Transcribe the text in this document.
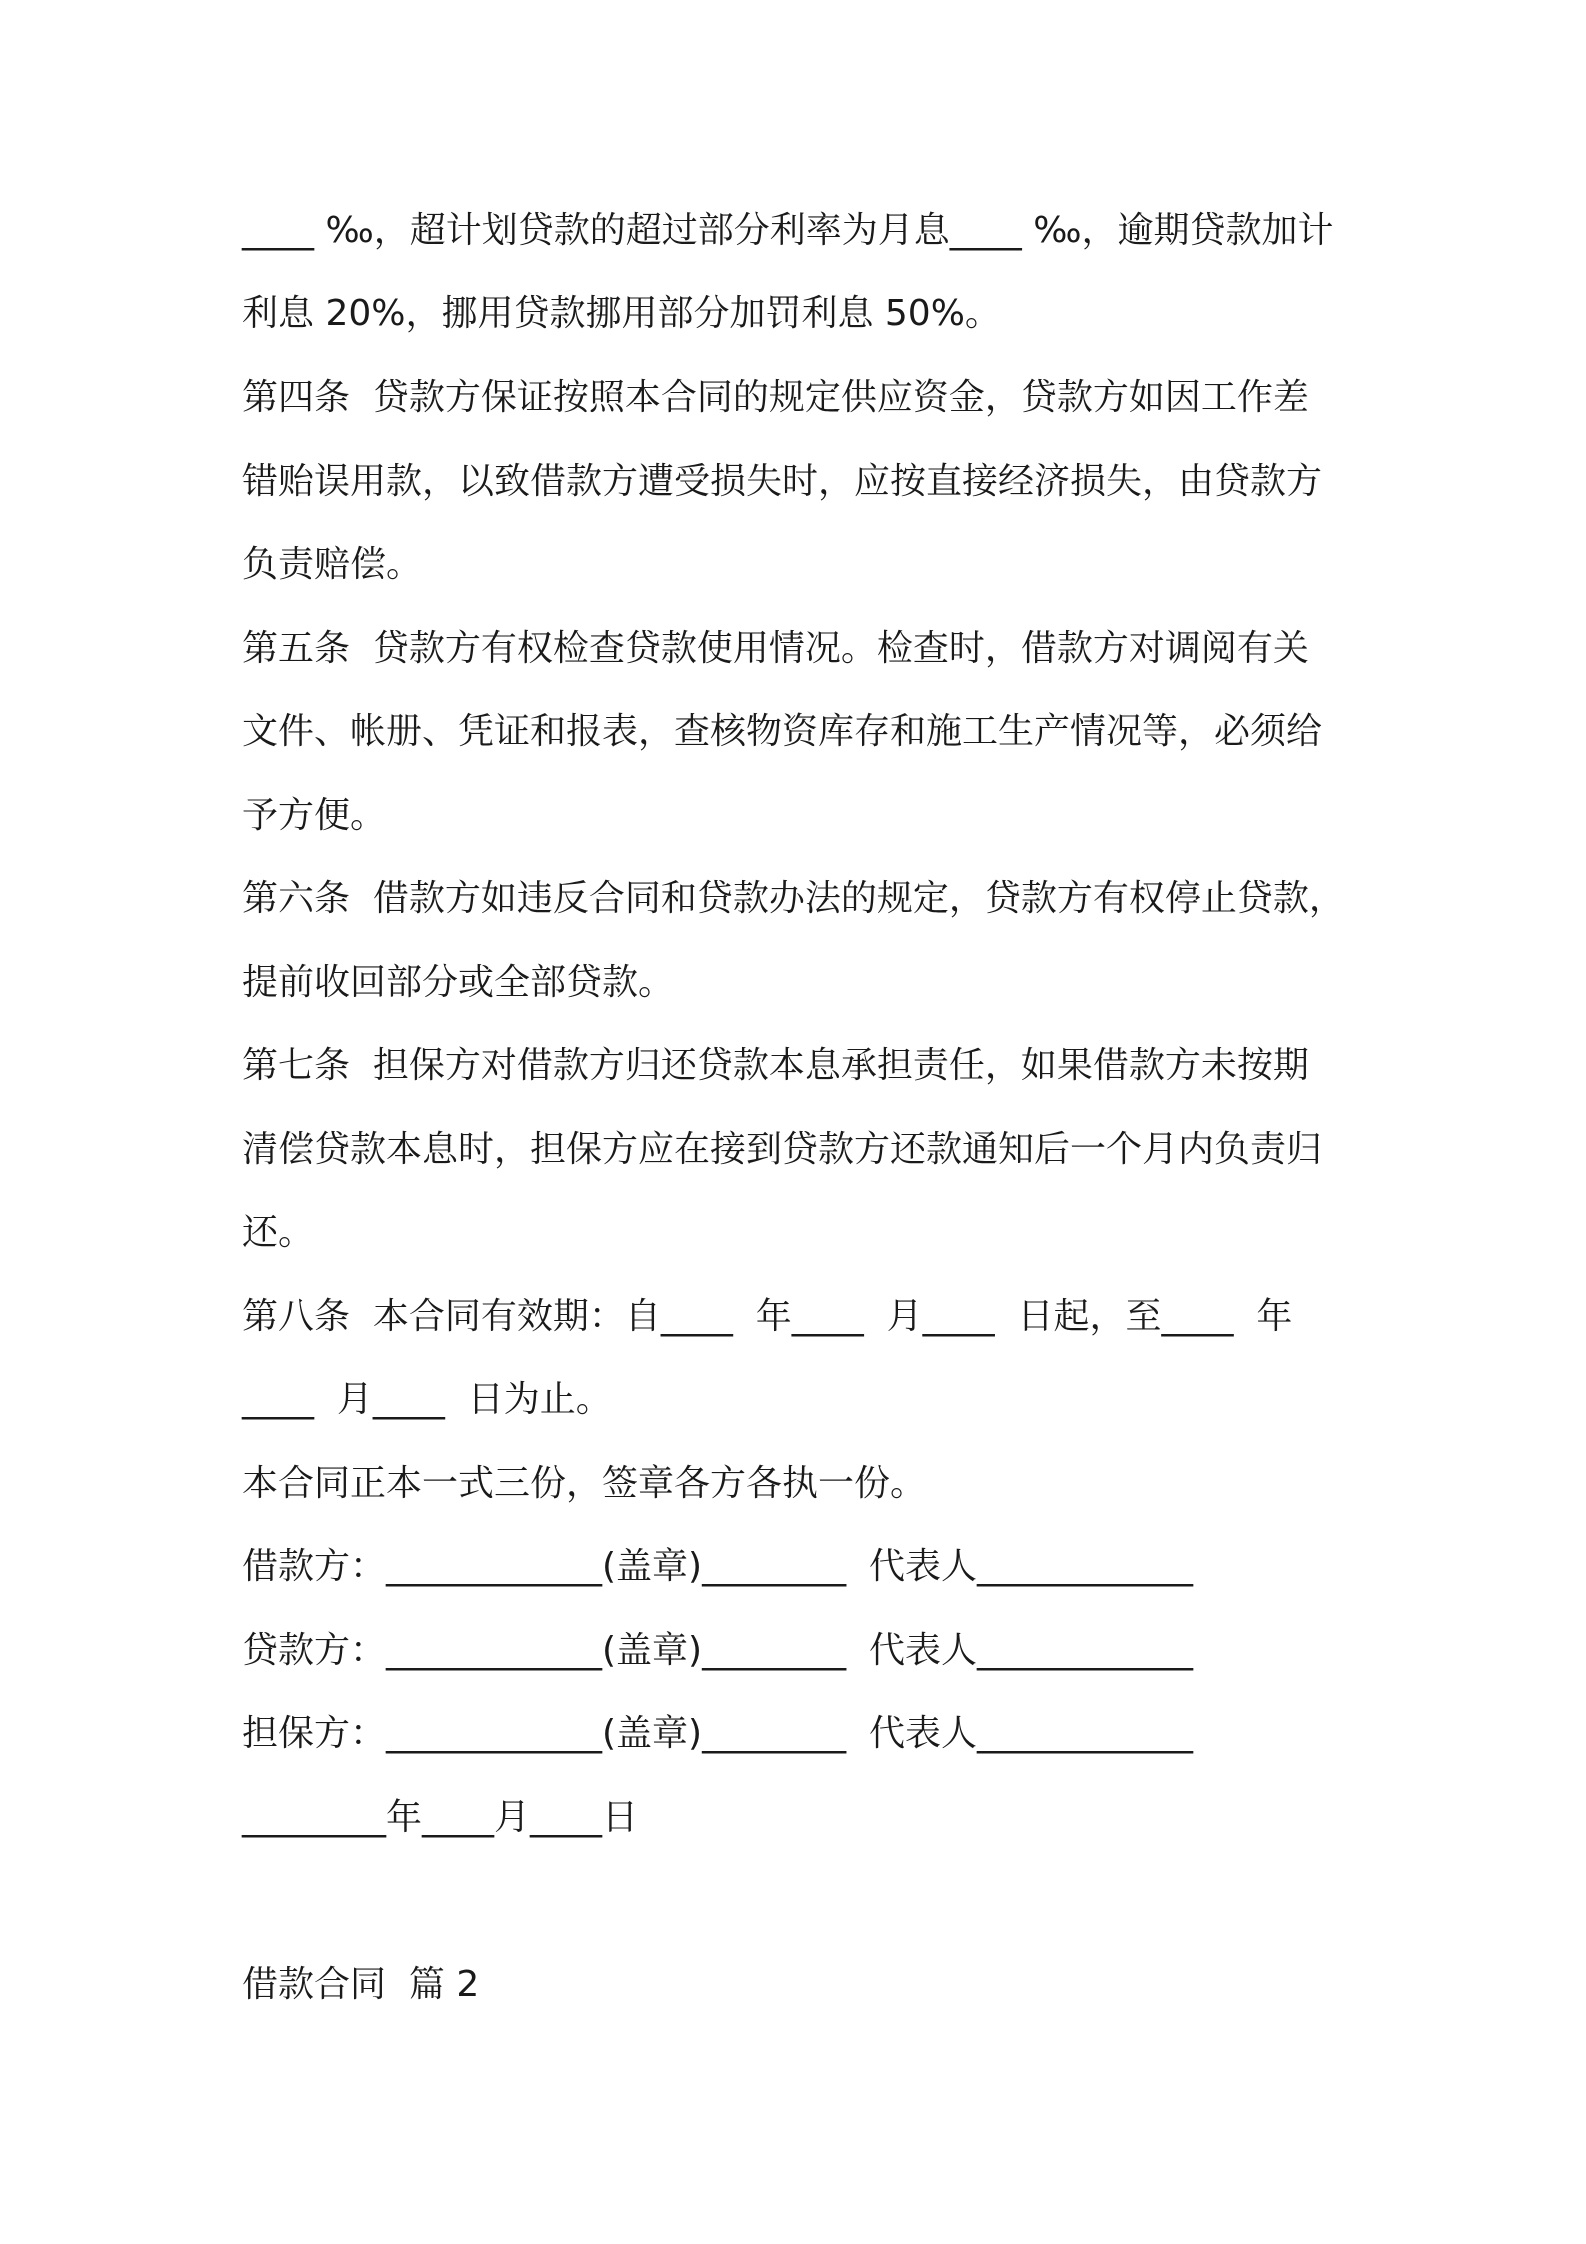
____ ‰，超计划贷款的超过部分利率为月息____ ‰，逾期贷款加计
利息 20%，挪用贷款挪用部分加罚利息 50%。
第四条  贷款方保证按照本合同的规定供应资金，贷款方如因工作差
错贻误用款，以致借款方遭受损失时，应按直接经济损失，由贷款方
负责赔偿。
第五条  贷款方有权检查贷款使用情况。检查时，借款方对调阅有关
文件、帐册、凭证和报表，查核物资库存和施工生产情况等，必须给
予方便。
第六条  借款方如违反合同和贷款办法的规定，贷款方有权停止贷款，
提前收回部分或全部贷款。
第七条  担保方对借款方归还贷款本息承担责任，如果借款方未按期
清偿贷款本息时，担保方应在接到贷款方还款通知后一个月内负责归
还。
第八条  本合同有效期：自____  年____  月____  日起，至____  年
____  月____  日为止。
本合同正本一式三份，签章各方各执一份。
借款方：____________(盖章)________  代表人____________
贷款方：____________(盖章)________  代表人____________
担保方：____________(盖章)________  代表人____________
________年____月____日
借款合同  篇 2
